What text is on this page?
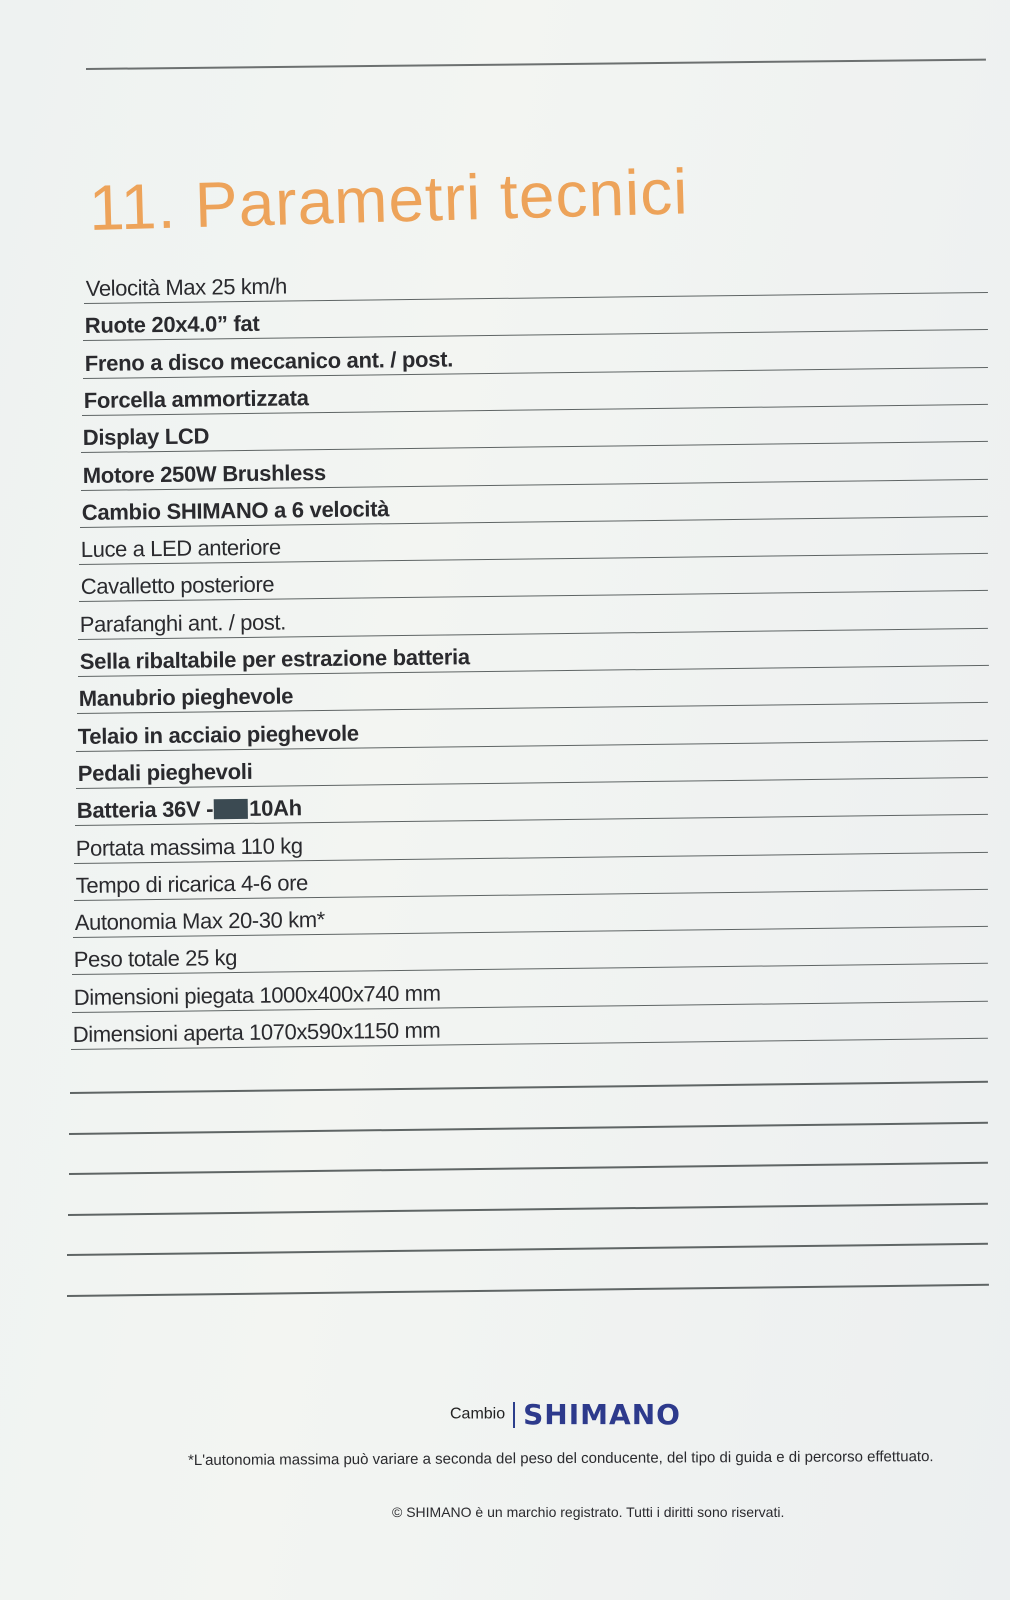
11. Parametri tecnici
Velocità Max 25 km/h
Ruote 20x4.0” fat
Freno a disco meccanico ant. / post.
Forcella ammortizzata
Display LCD
Motore 250W Brushless
Cambio SHIMANO a 6 velocità
Luce a LED anteriore
Cavalletto posteriore
Parafanghi ant. / post.
Sella ribaltabile per estrazione batteria
Manubrio pieghevole
Telaio in acciaio pieghevole
Pedali pieghevoli
Batteria 36V - 10Ah
Portata massima 110 kg
Tempo di ricarica 4-6 ore
Autonomia Max 20-30 km*
Peso totale 25 kg
Dimensioni piegata 1000x400x740 mm
Dimensioni aperta 1070x590x1150 mm
Cambio SHIMANO
*L'autonomia massima può variare a seconda del peso del conducente, del tipo di guida e di percorso effettuato.
© SHIMANO è un marchio registrato. Tutti i diritti sono riservati.
